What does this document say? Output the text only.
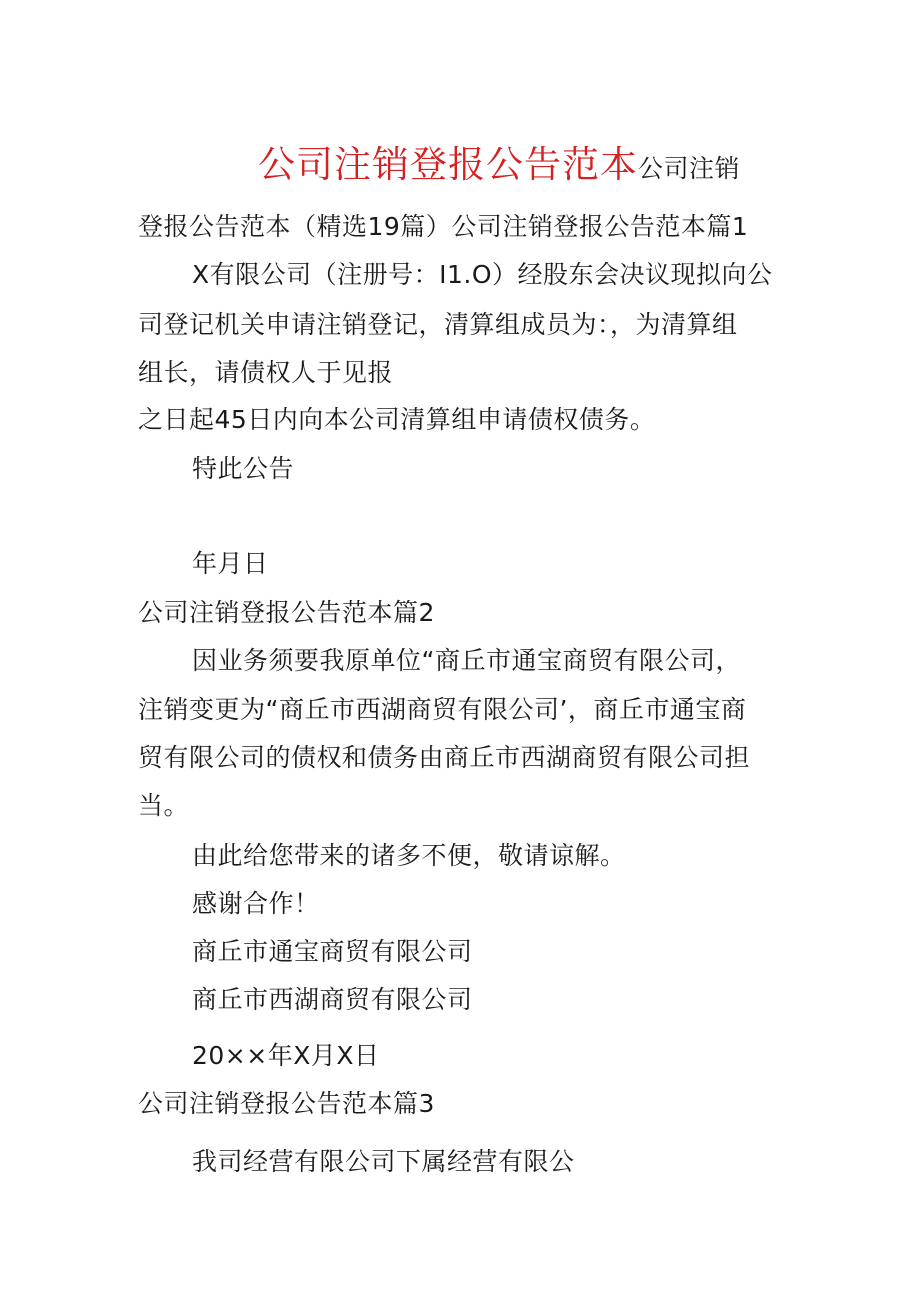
公司注销登报公告范本公司注销
登报公告范本（精选19篇）公司注销登报公告范本篇1
X有限公司（注册号：I1.O）经股东会决议现拟向公
司登记机关申请注销登记，清算组成员为：，为清算组
组长，请债权人于见报
之日起45日内向本公司清算组申请债权债务。
特此公告
年月日
公司注销登报公告范本篇2
因业务须要我原单位“商丘市通宝商贸有限公司，
注销变更为“商丘市西湖商贸有限公司’，商丘市通宝商
贸有限公司的债权和债务由商丘市西湖商贸有限公司担
当。
由此给您带来的诸多不便，敬请谅解。
感谢合作！
商丘市通宝商贸有限公司
商丘市西湖商贸有限公司
20××年X月X日
公司注销登报公告范本篇3
我司经营有限公司下属经营有限公
